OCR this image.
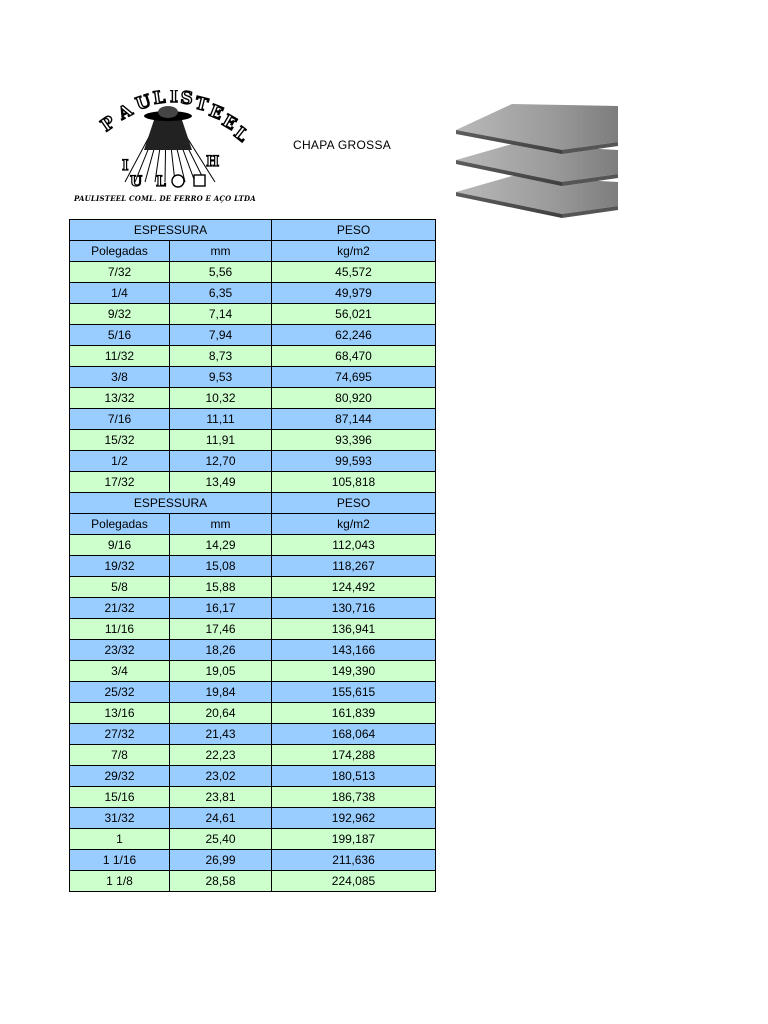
P
A
U
L I S T
E
E
L
I	H
U L
PAULISTEEL COML. DE FERRO E AÇO LTDA
CHAPA GROSSA
ESPESSURA		PESO
Polegadas	mm	kg/m2
7/32	5,56	45,572
1/4	6,35	49,979
9/32	7,14	56,021
5/16	7,94	62,246
11/32	8,73	68,470
3/8	9,53	74,695
13/32	10,32	80,920
7/16	11,11	87,144
15/32	11,91	93,396
1/2	12,70	99,593
17/32	13,49	105,818
ESPESSURA		PESO
Polegadas	mm	kg/m2
9/16	14,29	112,043
19/32	15,08	118,267
5/8	15,88	124,492
21/32	16,17	130,716
11/16	17,46	136,941
23/32	18,26	143,166
3/4	19,05	149,390
25/32	19,84	155,615
13/16	20,64	161,839
27/32	21,43	168,064
7/8	22,23	174,288
29/32	23,02	180,513
15/16	23,81	186,738
31/32	24,61	192,962
1	25,40	199,187
1 1/16	26,99	211,636
1 1/8	28,58	224,085
